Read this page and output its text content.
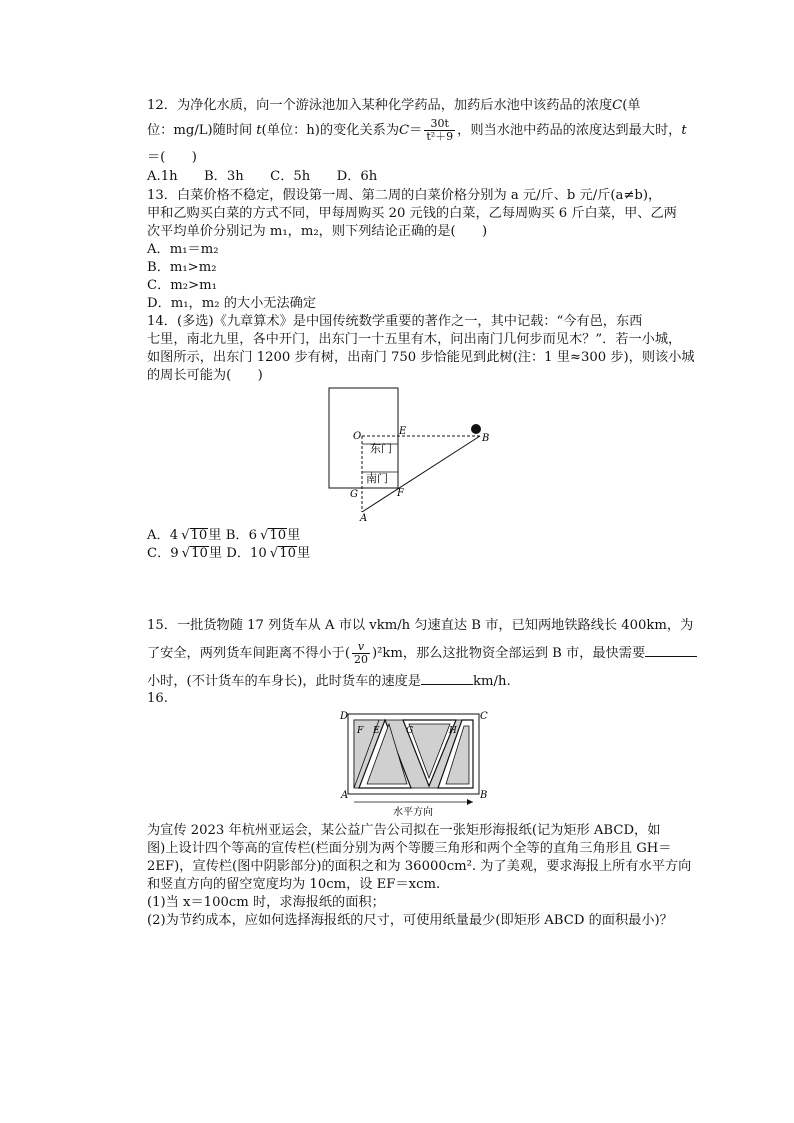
12．为净化水质，向一个游泳池加入某种化学药品，加药后水池中该药品的浓度C(单
位：mg/L)随时间 t(单位：h)的变化关系为$C= \frac{30t}{\text{t²＋9}}$ ，则当水池中药品的浓度达到最大时，t
＝(　　)
A.1h　　B．3h　　C．5h　　D．6h
13．白菜价格不稳定，假设第一周、第二周的白菜价格分别为 a 元/斤、b 元/斤(a≠b)，
甲和乙购买白菜的方式不同，甲每周购买 20 元钱的白菜，乙每周购买 6 斤白菜，甲、乙两
次平均单价分别记为 m₁，m₂，则下列结论正确的是(　　)
A．m₁＝m₂
B．m₁>m₂
C．m₂>m₁
D．m₁，m₂ 的大小无法确定
14．(多选)《九章算术》是中国传统数学重要的著作之一，其中记载：“今有邑，东西
七里，南北九里，各中开门，出东门一十五里有木，问出南门几何步而见木？”．若一小城，
如图所示，出东门 1200 步有树，出南门 750 步恰能见到此树(注：1 里≈300 步)，则该小城
的周长可能为(　　)
O	E
B
G	F
A
东门
南门
A．4 √10里 B．6 √10里
C．9 √10里 D．10 √10里
15．一批货物随 17 列货车从 A 市以 vkm/h 匀速直达 B 市，已知两地铁路线长 400km，为
了安全，两列货车间距离不得小于( $\frac{v}{20} )^2km$，那么这批物资全部运到 B 市，最快需要
小时，(不计货车的车身长)，此时货车的速度是	km/h.
16.
D	C
A	B
F E	G	H
水平方向
为宣传 2023 年杭州亚运会，某公益广告公司拟在一张矩形海报纸(记为矩形 ABCD，如
图)上设计四个等高的宣传栏(栏面分别为两个等腰三角形和两个全等的直角三角形且 GH＝
2EF)，宣传栏(图中阴影部分)的面积之和为 36000cm². 为了美观，要求海报上所有水平方向
和竖直方向的留空宽度均为 10cm，设 EF＝xcm.
(1)当 x＝100cm 时，求海报纸的面积；
(2)为节约成本，应如何选择海报纸的尺寸，可使用纸量最少(即矩形 ABCD 的面积最小)？
